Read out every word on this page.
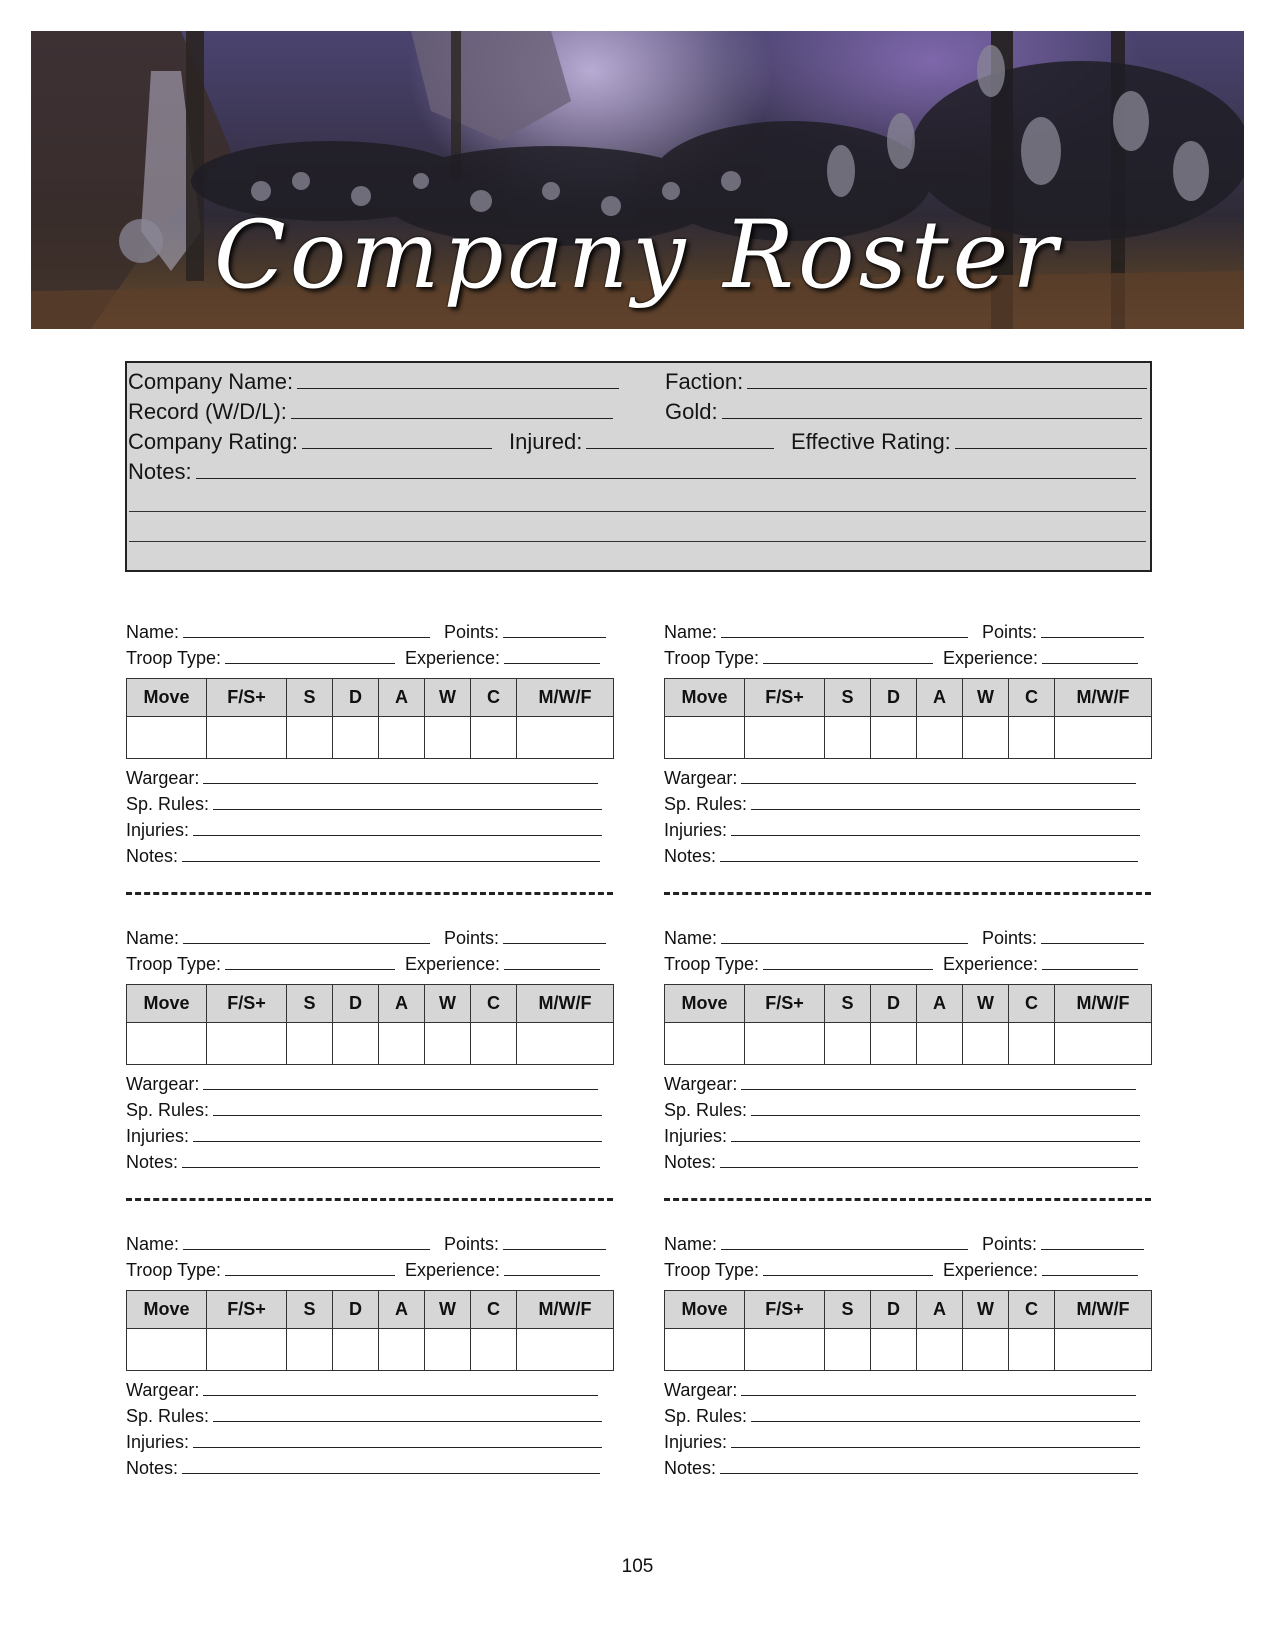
Company Roster
Company Name:	Faction:
Record (W/D/L):	Gold:
Company Rating:	Injured:	Effective Rating:
Notes:
Name:	Points:
Troop Type:	Experience:
Move	F/S+	S	D	A	W	C	M/W/F

Wargear:
Sp. Rules:
Injuries:
Notes:
Name:	Points:
Troop Type:	Experience:
Move	F/S+	S	D	A	W	C	M/W/F

Wargear:
Sp. Rules:
Injuries:
Notes:
Name:	Points:
Troop Type:	Experience:
Move	F/S+	S	D	A	W	C	M/W/F

Wargear:
Sp. Rules:
Injuries:
Notes:
Name:	Points:
Troop Type:	Experience:
Move	F/S+	S	D	A	W	C	M/W/F

Wargear:
Sp. Rules:
Injuries:
Notes:
Name:	Points:
Troop Type:	Experience:
Move	F/S+	S	D	A	W	C	M/W/F

Wargear:
Sp. Rules:
Injuries:
Notes:
Name:	Points:
Troop Type:	Experience:
Move	F/S+	S	D	A	W	C	M/W/F

Wargear:
Sp. Rules:
Injuries:
Notes:
105
